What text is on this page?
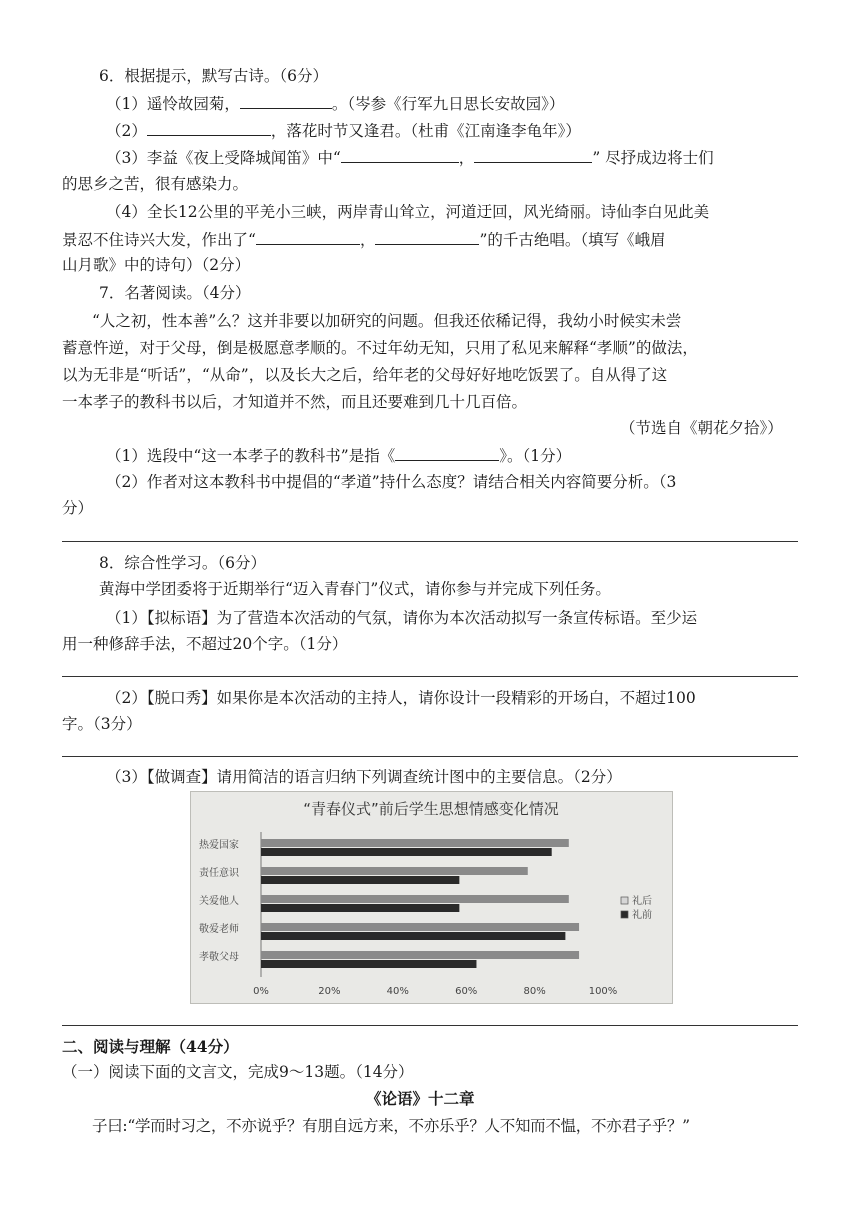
6．根据提示，默写古诗。（6分）
（1）遥怜故园菊，	。（岑参《行军九日思长安故园》）
（2）	，落花时节又逢君。（杜甫《江南逢李龟年》）
（3）李益《夜上受降城闻笛》中“	，	” 尽抒成边将士们
的思乡之苦，很有感染力。
（4）全长12公里的平羌小三峡，两岸青山耸立，河道迂回，风光绮丽。诗仙李白见此美
景忍不住诗兴大发，作出了“	，	”的千古绝唱。（填写《峨眉
山月歌》中的诗句）（2分）
7．名著阅读。（4分）
“人之初，性本善”么？这并非要以加研究的问题。但我还依稀记得，我幼小时候实未尝
蓄意忤逆，对于父母，倒是极愿意孝顺的。不过年幼无知，只用了私见来解释“孝顺”的做法，
以为无非是“听话”，“从命”，以及长大之后，给年老的父母好好地吃饭罢了。自从得了这
一本孝子的教科书以后，才知道并不然，而且还要难到几十几百倍。
（节选自《朝花夕拾》）
（1）选段中“这一本孝子的教科书”是指《	》。（1分）
（2）作者对这本教科书中提倡的“孝道”持什么态度？请结合相关内容简要分析。（3
分）
8．综合性学习。（6分）
黄海中学团委将于近期举行“迈入青春门”仪式，请你参与并完成下列任务。
（1）【拟标语】为了营造本次活动的气氛，请你为本次活动拟写一条宣传标语。至少运
用一种修辞手法，不超过20个字。（1分）
（2）【脱口秀】如果你是本次活动的主持人，请你设计一段精彩的开场白，不超过100
字。（3分）
（3）【做调查】请用简洁的语言归纳下列调查统计图中的主要信息。（2分）
“青春仪式”前后学生思想情感变化情况
热爱国家
责任意识
关爱他人
敬爱老师
孝敬父母
0%	20%	40%	60%	80%	100%
礼后
礼前
二、阅读与理解（44分）
（一）阅读下面的文言文，完成9～13题。（14分）
《论语》十二章
子曰:“学而时习之，不亦说乎？有朋自远方来，不亦乐乎？人不知而不愠，不亦君子乎？”
